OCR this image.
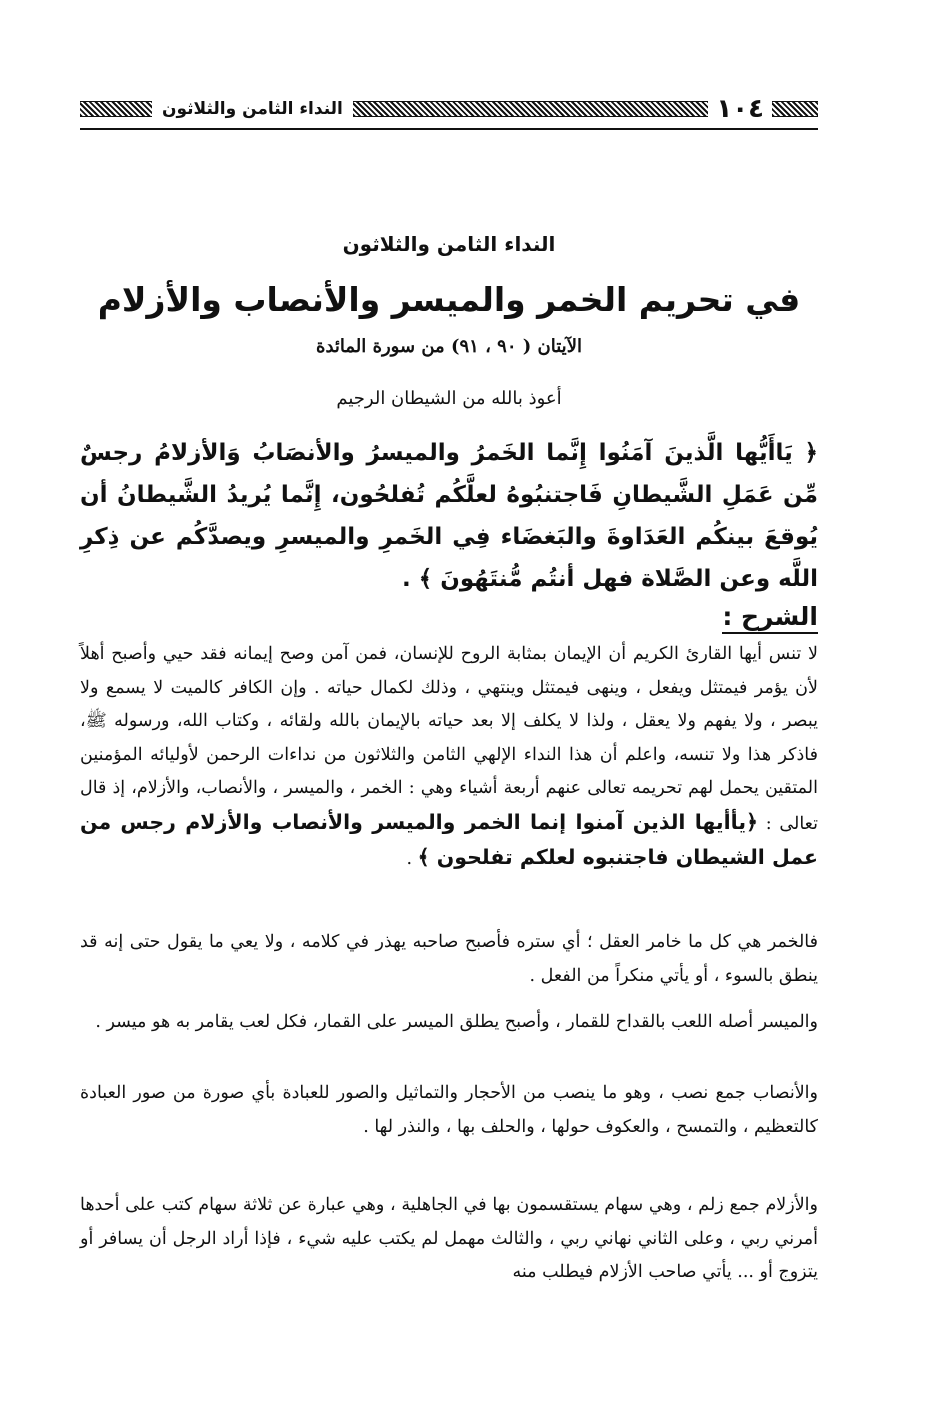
١٠٤
النداء الثامن والثلاثون
النداء الثامن والثلاثون
في تحريم الخمر والميسر والأنصاب والأزلام
الآيتان ( ٩٠ ، ٩١) من سورة المائدة
أعوذ بالله من الشيطان الرجيم
﴿ يَاأَيُّها الَّذينَ آمَنُوا إِنَّما الخَمرُ والميسرُ والأنصَابُ وَالأزلامُ رجسٌ مِّن عَمَلِ الشَّيطانِ فَاجتنبُوهُ لعلَّكُم تُفلحُون، إِنَّما يُريدُ الشَّيطانُ أن يُوقعَ بينكُم العَدَاوةَ والبَغضَاء فِي الخَمرِ والميسرِ ويصدَّكُم عن ذِكرِ اللَّه وعن الصَّلاة فهل أنتُم مُّنتَهُونَ ﴾ .
الشرح :
لا تنس أيها القارئ الكريم أن الإيمان بمثابة الروح للإنسان، فمن آمن وصح إيمانه فقد حيي وأصبح أهلاً لأن يؤمر فيمتثل ويفعل ، وينهى فيمتثل وينتهي ، وذلك لكمال حياته . وإن الكافر كالميت لا يسمع ولا يبصر ، ولا يفهم ولا يعقل ، ولذا لا يكلف إلا بعد حياته بالإيمان بالله ولقائه ، وكتاب الله، ورسوله ﷺ، فاذكر هذا ولا تنسه، واعلم أن هذا النداء الإلهي الثامن والثلاثون من نداءات الرحمن لأوليائه المؤمنين المتقين يحمل لهم تحريمه تعالى عنهم أربعة أشياء وهي : الخمر ، والميسر ، والأنصاب، والأزلام، إذ قال تعالى : ﴿يأأيها الذين آمنوا إنما الخمر والميسر والأنصاب والأزلام رجس من عمل الشيطان فاجتنبوه لعلكم تفلحون ﴾ .
فالخمر هي كل ما خامر العقل ؛ أي ستره فأصبح صاحبه يهذر في كلامه ، ولا يعي ما يقول حتى إنه قد ينطق بالسوء ، أو يأتي منكراً من الفعل .
والميسر أصله اللعب بالقداح للقمار ، وأصبح يطلق الميسر على القمار، فكل لعب يقامر به هو ميسر .
والأنصاب جمع نصب ، وهو ما ينصب من الأحجار والتماثيل والصور للعبادة بأي صورة من صور العبادة كالتعظيم ، والتمسح ، والعكوف حولها ، والحلف بها ، والنذر لها .
والأزلام جمع زلم ، وهي سهام يستقسمون بها في الجاهلية ، وهي عبارة عن ثلاثة سهام كتب على أحدها أمرني ربي ، وعلى الثاني نهاني ربي ، والثالث مهمل لم يكتب عليه شيء ، فإذا أراد الرجل أن يسافر أو يتزوج أو ... يأتي صاحب الأزلام فيطلب منه
